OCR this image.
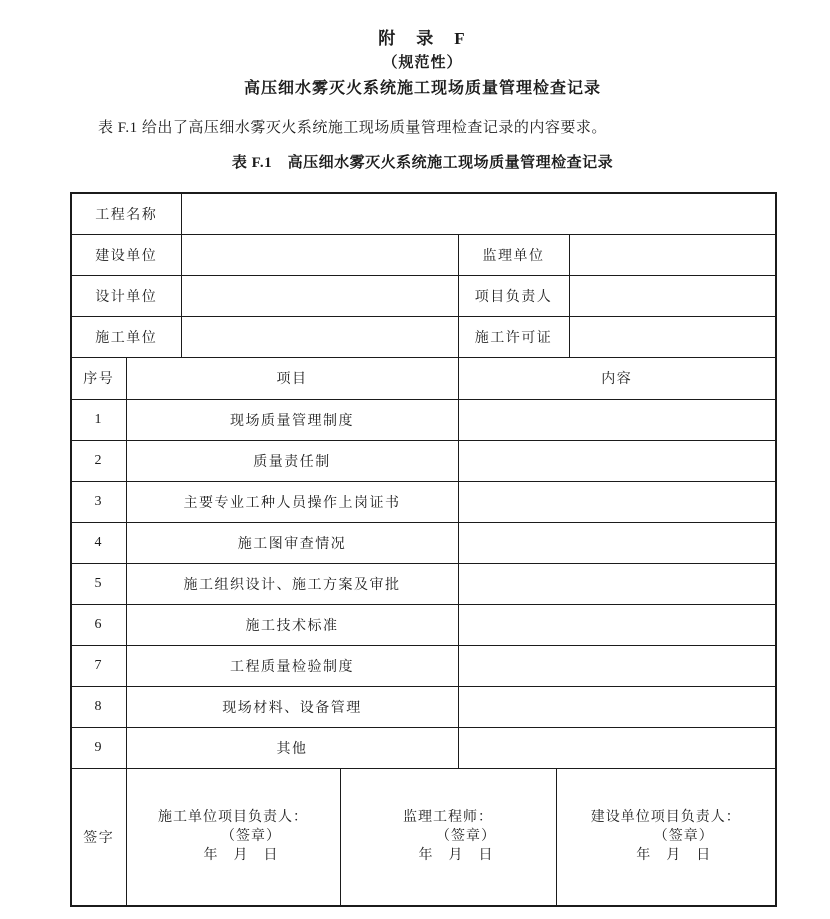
附　录　F
（规范性）
高压细水雾灭火系统施工现场质量管理检查记录

表 F.1 给出了高压细水雾灭火系统施工现场质量管理检查记录的内容要求。

表 F.1　高压细水雾灭火系统施工现场质量管理检查记录
工程名称						
建设单位				监理单位		
设计单位				项目负责人		
施工单位				施工许可证		
序号	项目			内容		
1	现场质量管理制度					
2	质量责任制					
3	主要专业工种人员操作上岗证书					
4	施工图审查情况					
5	施工组织设计、施工方案及审批					
6	施工技术标准					
7	工程质量检验制度					
8	现场材料、设备管理					
9	其他					
签字	
施工单位项目负责人：
（签章）
年　月　日

监理工程师：
（签章）
年　月　日

建设单位项目负责人：
（签章）
年　月　日
